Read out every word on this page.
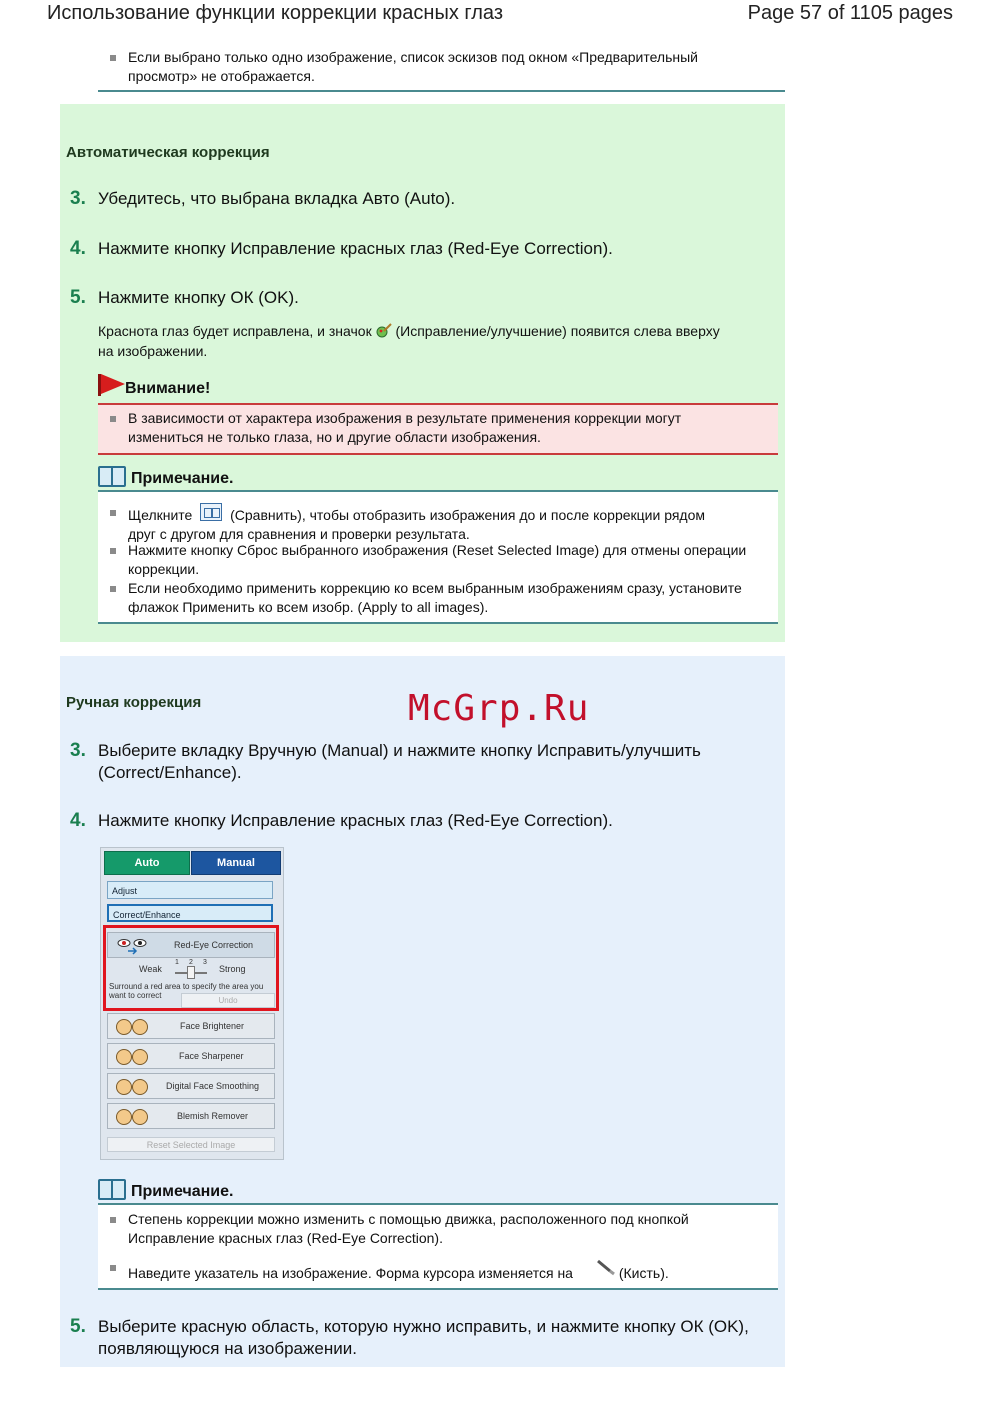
Использование функции коррекции красных глаз	Page 57 of 1105 pages
Если выбрано только одно изображение, список эскизов под окном «Предварительный просмотр» не отображается.
Автоматическая коррекция
3. Убедитесь, что выбрана вкладка Авто (Auto).
4. Нажмите кнопку Исправление красных глаз (Red-Eye Correction).
5. Нажмите кнопку ОК (OK).
Краснота глаз будет исправлена, и значок (Исправление/улучшение) появится слева вверху
на изображении.
Внимание!
В зависимости от характера изображения в результате применения коррекции могут изменитьcя не только глаза, но и другие области изображения.
Примечание.
Щелкните	(Сравнить), чтобы отобразить изображения до и после коррекции рядом
друг с другом для сравнения и проверки результата.
Нажмите кнопку Сброс выбранного изображения (Reset Selected Image) для отмены операции коррекции.
Если необходимо применить коррекцию ко всем выбранным изображениям сразу, установите флажок Применить ко всем изобр. (Apply to all images).
Ручная коррекция	McGrp.Ru
3. Выберите вкладку Вручную (Manual) и нажмите кнопку Исправить/улучшить (Correct/Enhance).
4. Нажмите кнопку Исправление красных глаз (Red-Eye Correction).
Auto	Manual
Adjust
Correct/Enhance
Red-Eye Correction
Weak	Strong
1 2 3
Surround a red area to specify the area you want to correct
Undo
Face Brightener
Face Sharpener
Digital Face Smoothing
Blemish Remover
Reset Selected Image
Примечание.
Степень коррекции можно изменить с помощью движка, расположенного под кнопкой Исправление красных глаз (Red-Eye Correction).
Наведите указатель на изображение. Форма курсора изменяется на	(Кисть).
5. Выберите красную область, которую нужно исправить, и нажмите кнопку ОК (OK), появляющуюся на изображении.
